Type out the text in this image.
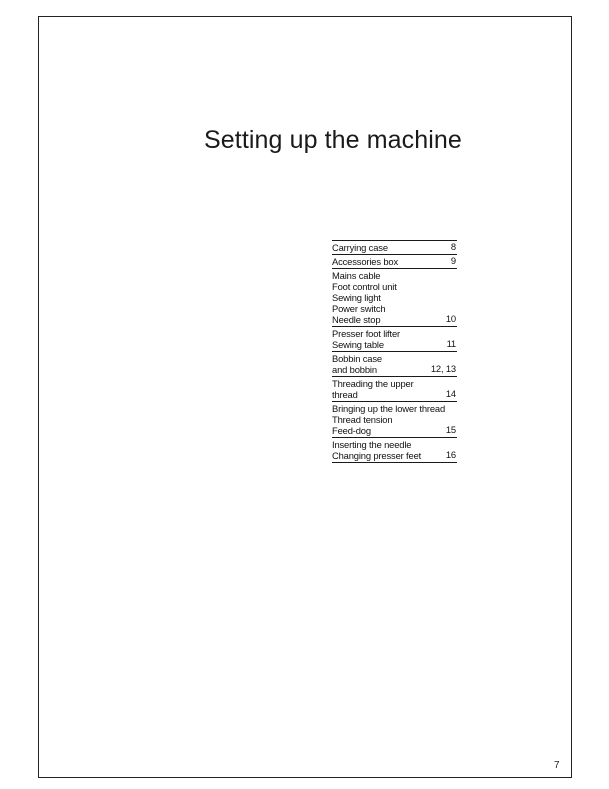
Setting up the machine
Carrying case	8
Accessories box	9
Mains cable
Foot control unit
Sewing light
Power switch
Needle stop	10
Presser foot lifter
Sewing table	11
Bobbin case
and bobbin	12, 13
Threading the upper
thread	14
Bringing up the lower thread
Thread tension
Feed-dog	15
Inserting the needle
Changing presser feet	16
7
